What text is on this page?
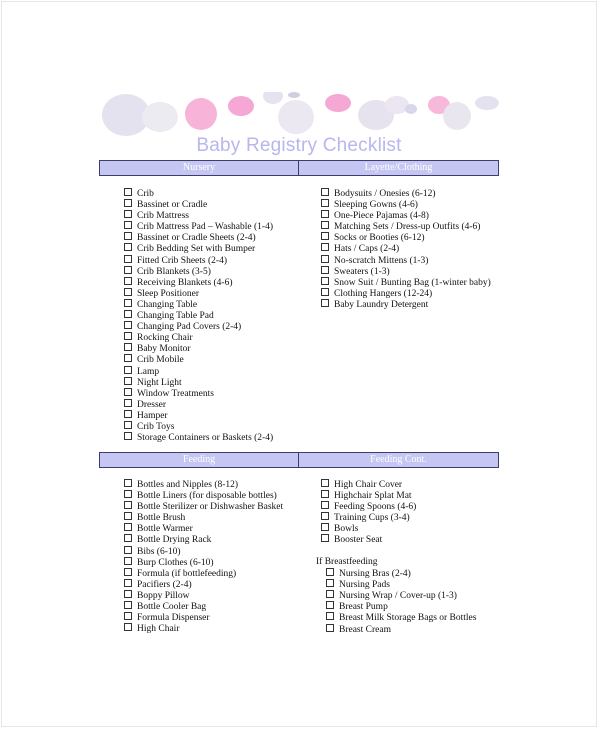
Baby Registry Checklist
Nursery	Layette/Clothing
Crib
Bassinet or Cradle
Crib Mattress
Crib Mattress Pad – Washable (1-4)
Bassinet or Cradle Sheets (2-4)
Crib Bedding Set with Bumper
Fitted Crib Sheets (2-4)
Crib Blankets (3-5)
Receiving Blankets (4-6)
Sleep Positioner
Changing Table
Changing Table Pad
Changing Pad Covers (2-4)
Rocking Chair
Baby Monitor
Crib Mobile
Lamp
Night Light
Window Treatments
Dresser
Hamper
Crib Toys
Storage Containers or Baskets (2-4)
Bodysuits / Onesies (6-12)
Sleeping Gowns (4-6)
One-Piece Pajamas (4-8)
Matching Sets / Dress-up Outfits (4-6)
Socks or Booties (6-12)
Hats / Caps (2-4)
No-scratch Mittens (1-3)
Sweaters (1-3)
Snow Suit / Bunting Bag (1-winter baby)
Clothing Hangers (12-24)
Baby Laundry Detergent
Feeding	Feeding Cont.
Bottles and Nipples (8-12)
Bottle Liners (for disposable bottles)
Bottle Sterilizer or Dishwasher Basket
Bottle Brush
Bottle Warmer
Bottle Drying Rack
Bibs (6-10)
Burp Clothes (6-10)
Formula (if bottlefeeding)
Pacifiers (2-4)
Boppy Pillow
Bottle Cooler Bag
Formula Dispenser
High Chair
High Chair Cover
Highchair Splat Mat
Feeding Spoons (4-6)
Training Cups (3-4)
Bowls
Booster Seat
If Breastfeeding
Nursing Bras (2-4)
Nursing Pads
Nursing Wrap / Cover-up (1-3)
Breast Pump
Breast Milk Storage Bags or Bottles
Breast Cream
